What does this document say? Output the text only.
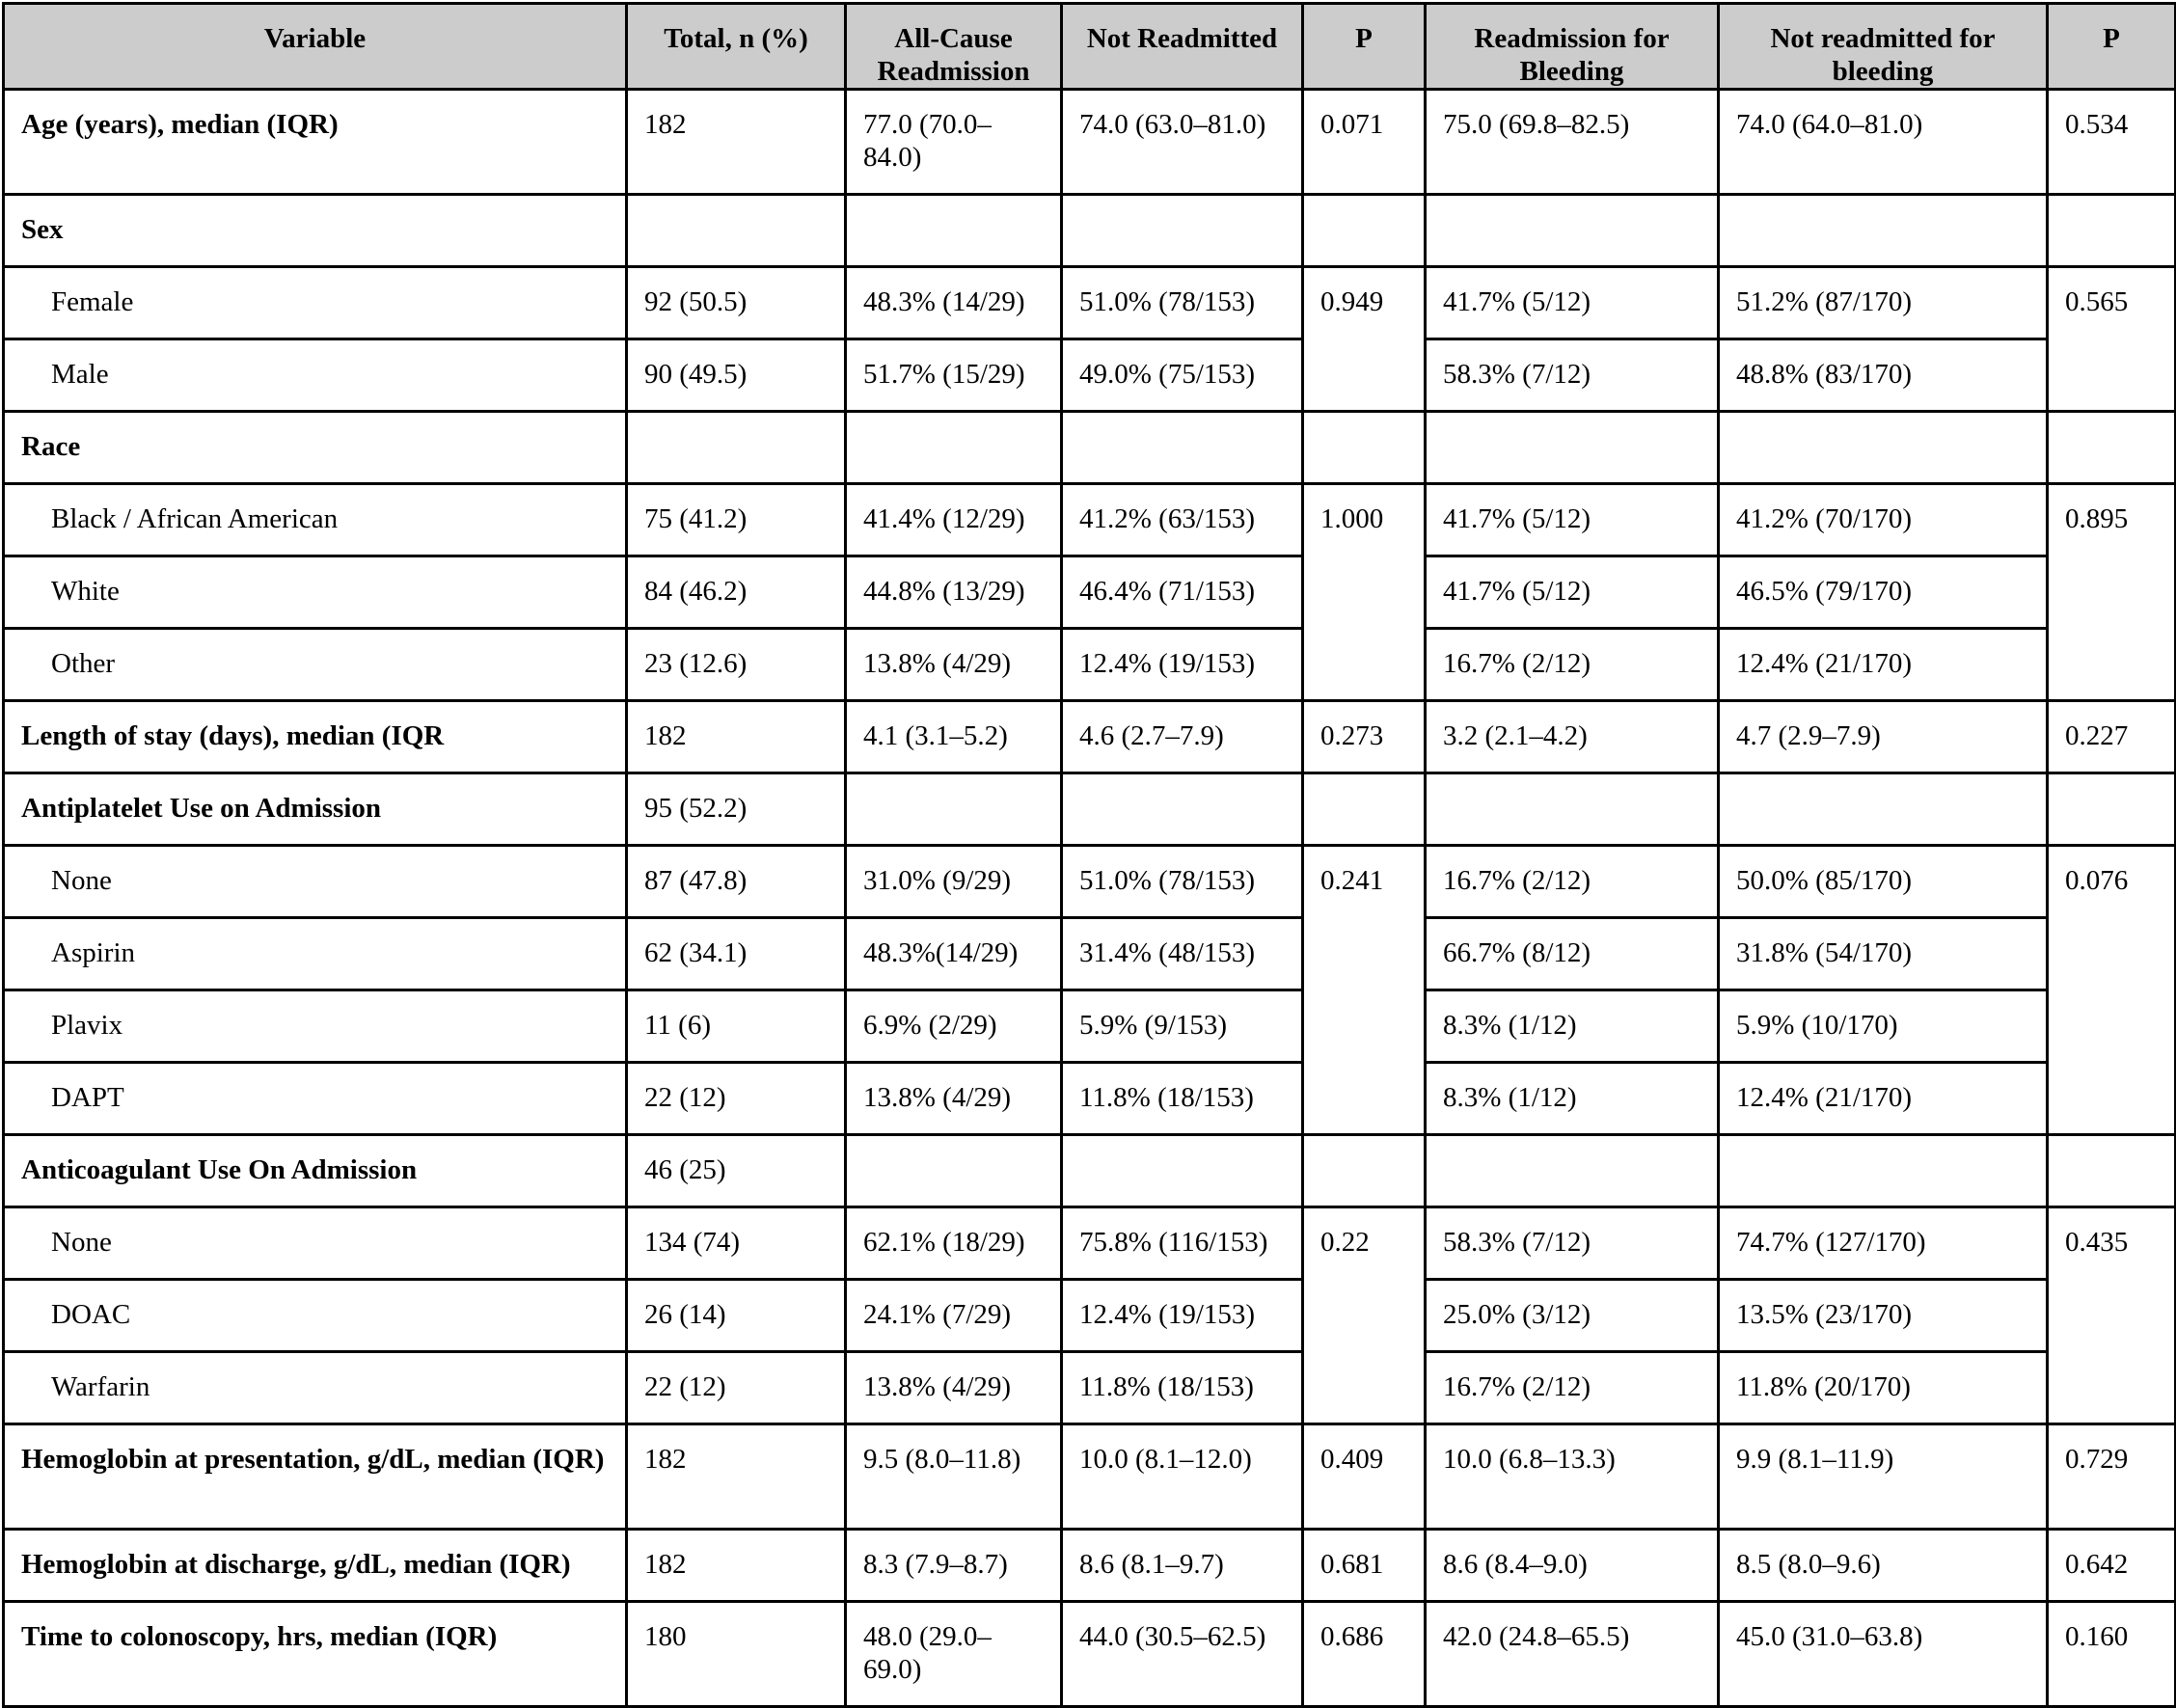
Variable	Total, n (%)	All-Cause Readmission	Not Readmitted	P	Readmission for Bleeding	Not readmitted for bleeding	P
Age (years), median (IQR)	182	77.0 (70.0–84.0)	74.0 (63.0–81.0)	0.071	75.0 (69.8–82.5)	74.0 (64.0–81.0)	0.534
Sex							
Female	92 (50.5)	48.3% (14/29)	51.0% (78/153)	0.949	41.7% (5/12)	51.2% (87/170)	0.565
Male	90 (49.5)	51.7% (15/29)	49.0% (75/153)		58.3% (7/12)	48.8% (83/170)	
Race							
Black / African American	75 (41.2)	41.4% (12/29)	41.2% (63/153)	1.000	41.7% (5/12)	41.2% (70/170)	0.895
White	84 (46.2)	44.8% (13/29)	46.4% (71/153)		41.7% (5/12)	46.5% (79/170)	
Other	23 (12.6)	13.8% (4/29)	12.4% (19/153)		16.7% (2/12)	12.4% (21/170)	
Length of stay (days), median (IQR	182	4.1 (3.1–5.2)	4.6 (2.7–7.9)	0.273	3.2 (2.1–4.2)	4.7 (2.9–7.9)	0.227
Antiplatelet Use on Admission	95 (52.2)						
None	87 (47.8)	31.0% (9/29)	51.0% (78/153)	0.241	16.7% (2/12)	50.0% (85/170)	0.076
Aspirin	62 (34.1)	48.3%(14/29)	31.4% (48/153)		66.7% (8/12)	31.8% (54/170)	
Plavix	11 (6)	6.9% (2/29)	5.9% (9/153)		8.3% (1/12)	5.9% (10/170)	
DAPT	22 (12)	13.8% (4/29)	11.8% (18/153)		8.3% (1/12)	12.4% (21/170)	
Anticoagulant Use On Admission	46 (25)						
None	134 (74)	62.1% (18/29)	75.8% (116/153)	0.22	58.3% (7/12)	74.7% (127/170)	0.435
DOAC	26 (14)	24.1% (7/29)	12.4% (19/153)		25.0% (3/12)	13.5% (23/170)	
Warfarin	22 (12)	13.8% (4/29)	11.8% (18/153)		16.7% (2/12)	11.8% (20/170)	
Hemoglobin at presentation, g/dL, median (IQR)	182	9.5 (8.0–11.8)	10.0 (8.1–12.0)	0.409	10.0 (6.8–13.3)	9.9 (8.1–11.9)	0.729
Hemoglobin at discharge, g/dL, median (IQR)	182	8.3 (7.9–8.7)	8.6 (8.1–9.7)	0.681	8.6 (8.4–9.0)	8.5 (8.0–9.6)	0.642
Time to colonoscopy, hrs, median (IQR)	180	48.0 (29.0–69.0)	44.0 (30.5–62.5)	0.686	42.0 (24.8–65.5)	45.0 (31.0–63.8)	0.160
